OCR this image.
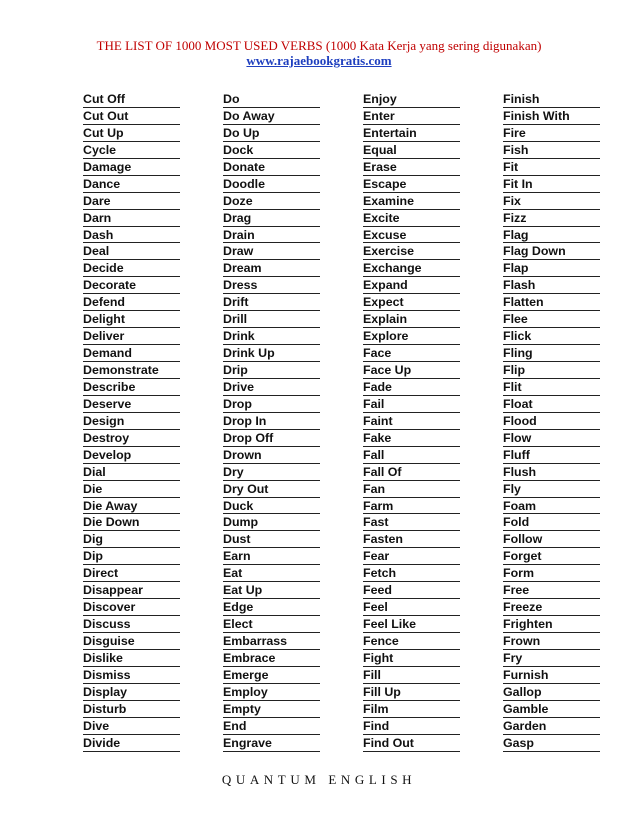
THE LIST OF 1000 MOST USED VERBS (1000 Kata Kerja yang sering digunakan)
www.rajaebookgratis.com
Cut Off
Cut Out
Cut Up
Cycle
Damage
Dance
Dare
Darn
Dash
Deal
Decide
Decorate
Defend
Delight
Deliver
Demand
Demonstrate
Describe
Deserve
Design
Destroy
Develop
Dial
Die
Die Away
Die Down
Dig
Dip
Direct
Disappear
Discover
Discuss
Disguise
Dislike
Dismiss
Display
Disturb
Dive
Divide
Do
Do Away
Do Up
Dock
Donate
Doodle
Doze
Drag
Drain
Draw
Dream
Dress
Drift
Drill
Drink
Drink Up
Drip
Drive
Drop
Drop In
Drop Off
Drown
Dry
Dry Out
Duck
Dump
Dust
Earn
Eat
Eat Up
Edge
Elect
Embarrass
Embrace
Emerge
Employ
Empty
End
Engrave
Enjoy
Enter
Entertain
Equal
Erase
Escape
Examine
Excite
Excuse
Exercise
Exchange
Expand
Expect
Explain
Explore
Face
Face Up
Fade
Fail
Faint
Fake
Fall
Fall Of
Fan
Farm
Fast
Fasten
Fear
Fetch
Feed
Feel
Feel Like
Fence
Fight
Fill
Fill Up
Film
Find
Find Out
Finish
Finish With
Fire
Fish
Fit
Fit In
Fix
Fizz
Flag
Flag Down
Flap
Flash
Flatten
Flee
Flick
Fling
Flip
Flit
Float
Flood
Flow
Fluff
Flush
Fly
Foam
Fold
Follow
Forget
Form
Free
Freeze
Frighten
Frown
Fry
Furnish
Gallop
Gamble
Garden
Gasp
QUANTUM ENGLISH
